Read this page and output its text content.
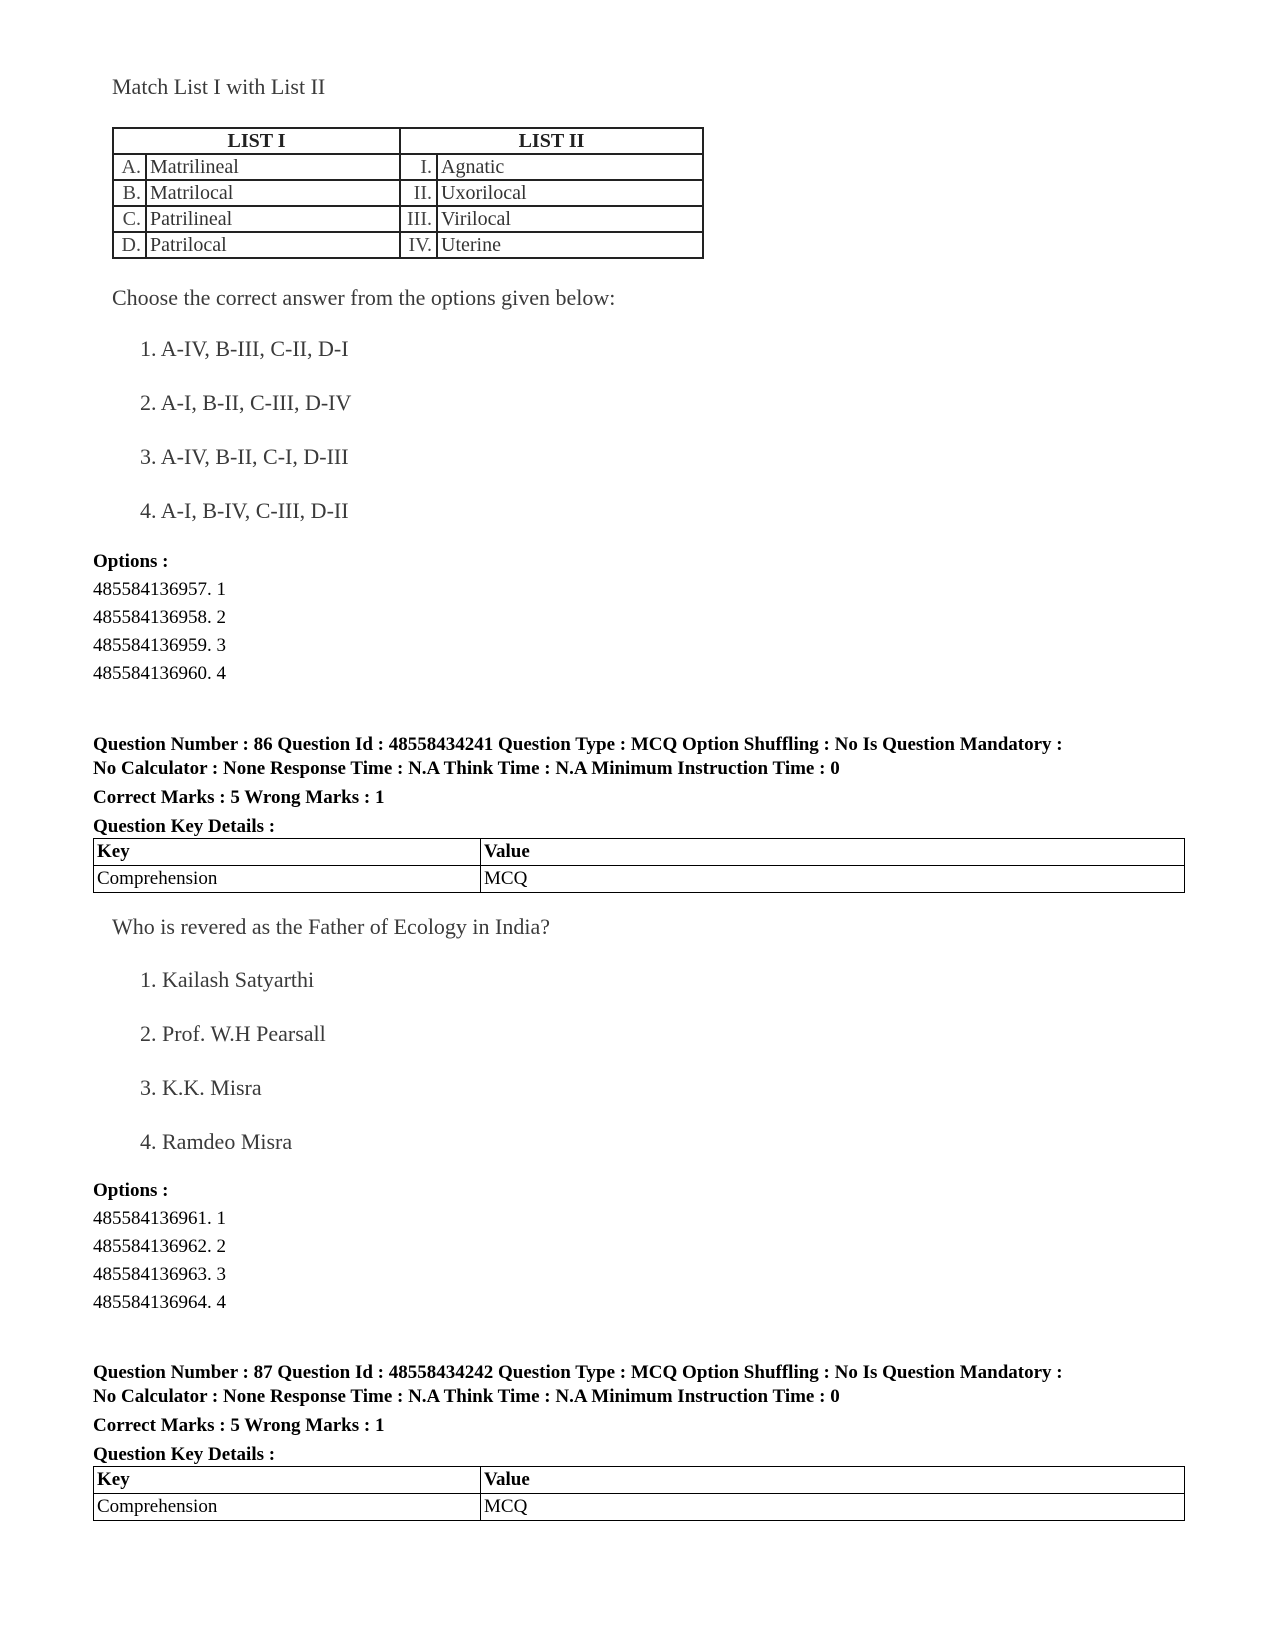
Match List I with List II
LIST I		LIST II	
A.	Matrilineal	I.	Agnatic
B.	Matrilocal	II.	Uxorilocal
C.	Patrilineal	III.	Virilocal
D.	Patrilocal	IV.	Uterine
Choose the correct answer from the options given below:
1. A-IV, B-III, C-II, D-I
2. A-I, B-II, C-III, D-IV
3. A-IV, B-II, C-I, D-III
4. A-I, B-IV, C-III, D-II
Options :
485584136957. 1
485584136958. 2
485584136959. 3
485584136960. 4
Question Number : 86 Question Id : 48558434241 Question Type : MCQ Option Shuffling : No Is Question Mandatory :
No Calculator : None Response Time : N.A Think Time : N.A Minimum Instruction Time : 0
Correct Marks : 5 Wrong Marks : 1
Question Key Details :
Key	Value
Comprehension	MCQ
Who is revered as the Father of Ecology in India?
1. Kailash Satyarthi
2. Prof. W.H Pearsall
3. K.K. Misra
4. Ramdeo Misra
Options :
485584136961. 1
485584136962. 2
485584136963. 3
485584136964. 4
Question Number : 87 Question Id : 48558434242 Question Type : MCQ Option Shuffling : No Is Question Mandatory :
No Calculator : None Response Time : N.A Think Time : N.A Minimum Instruction Time : 0
Correct Marks : 5 Wrong Marks : 1
Question Key Details :
Key	Value
Comprehension	MCQ
